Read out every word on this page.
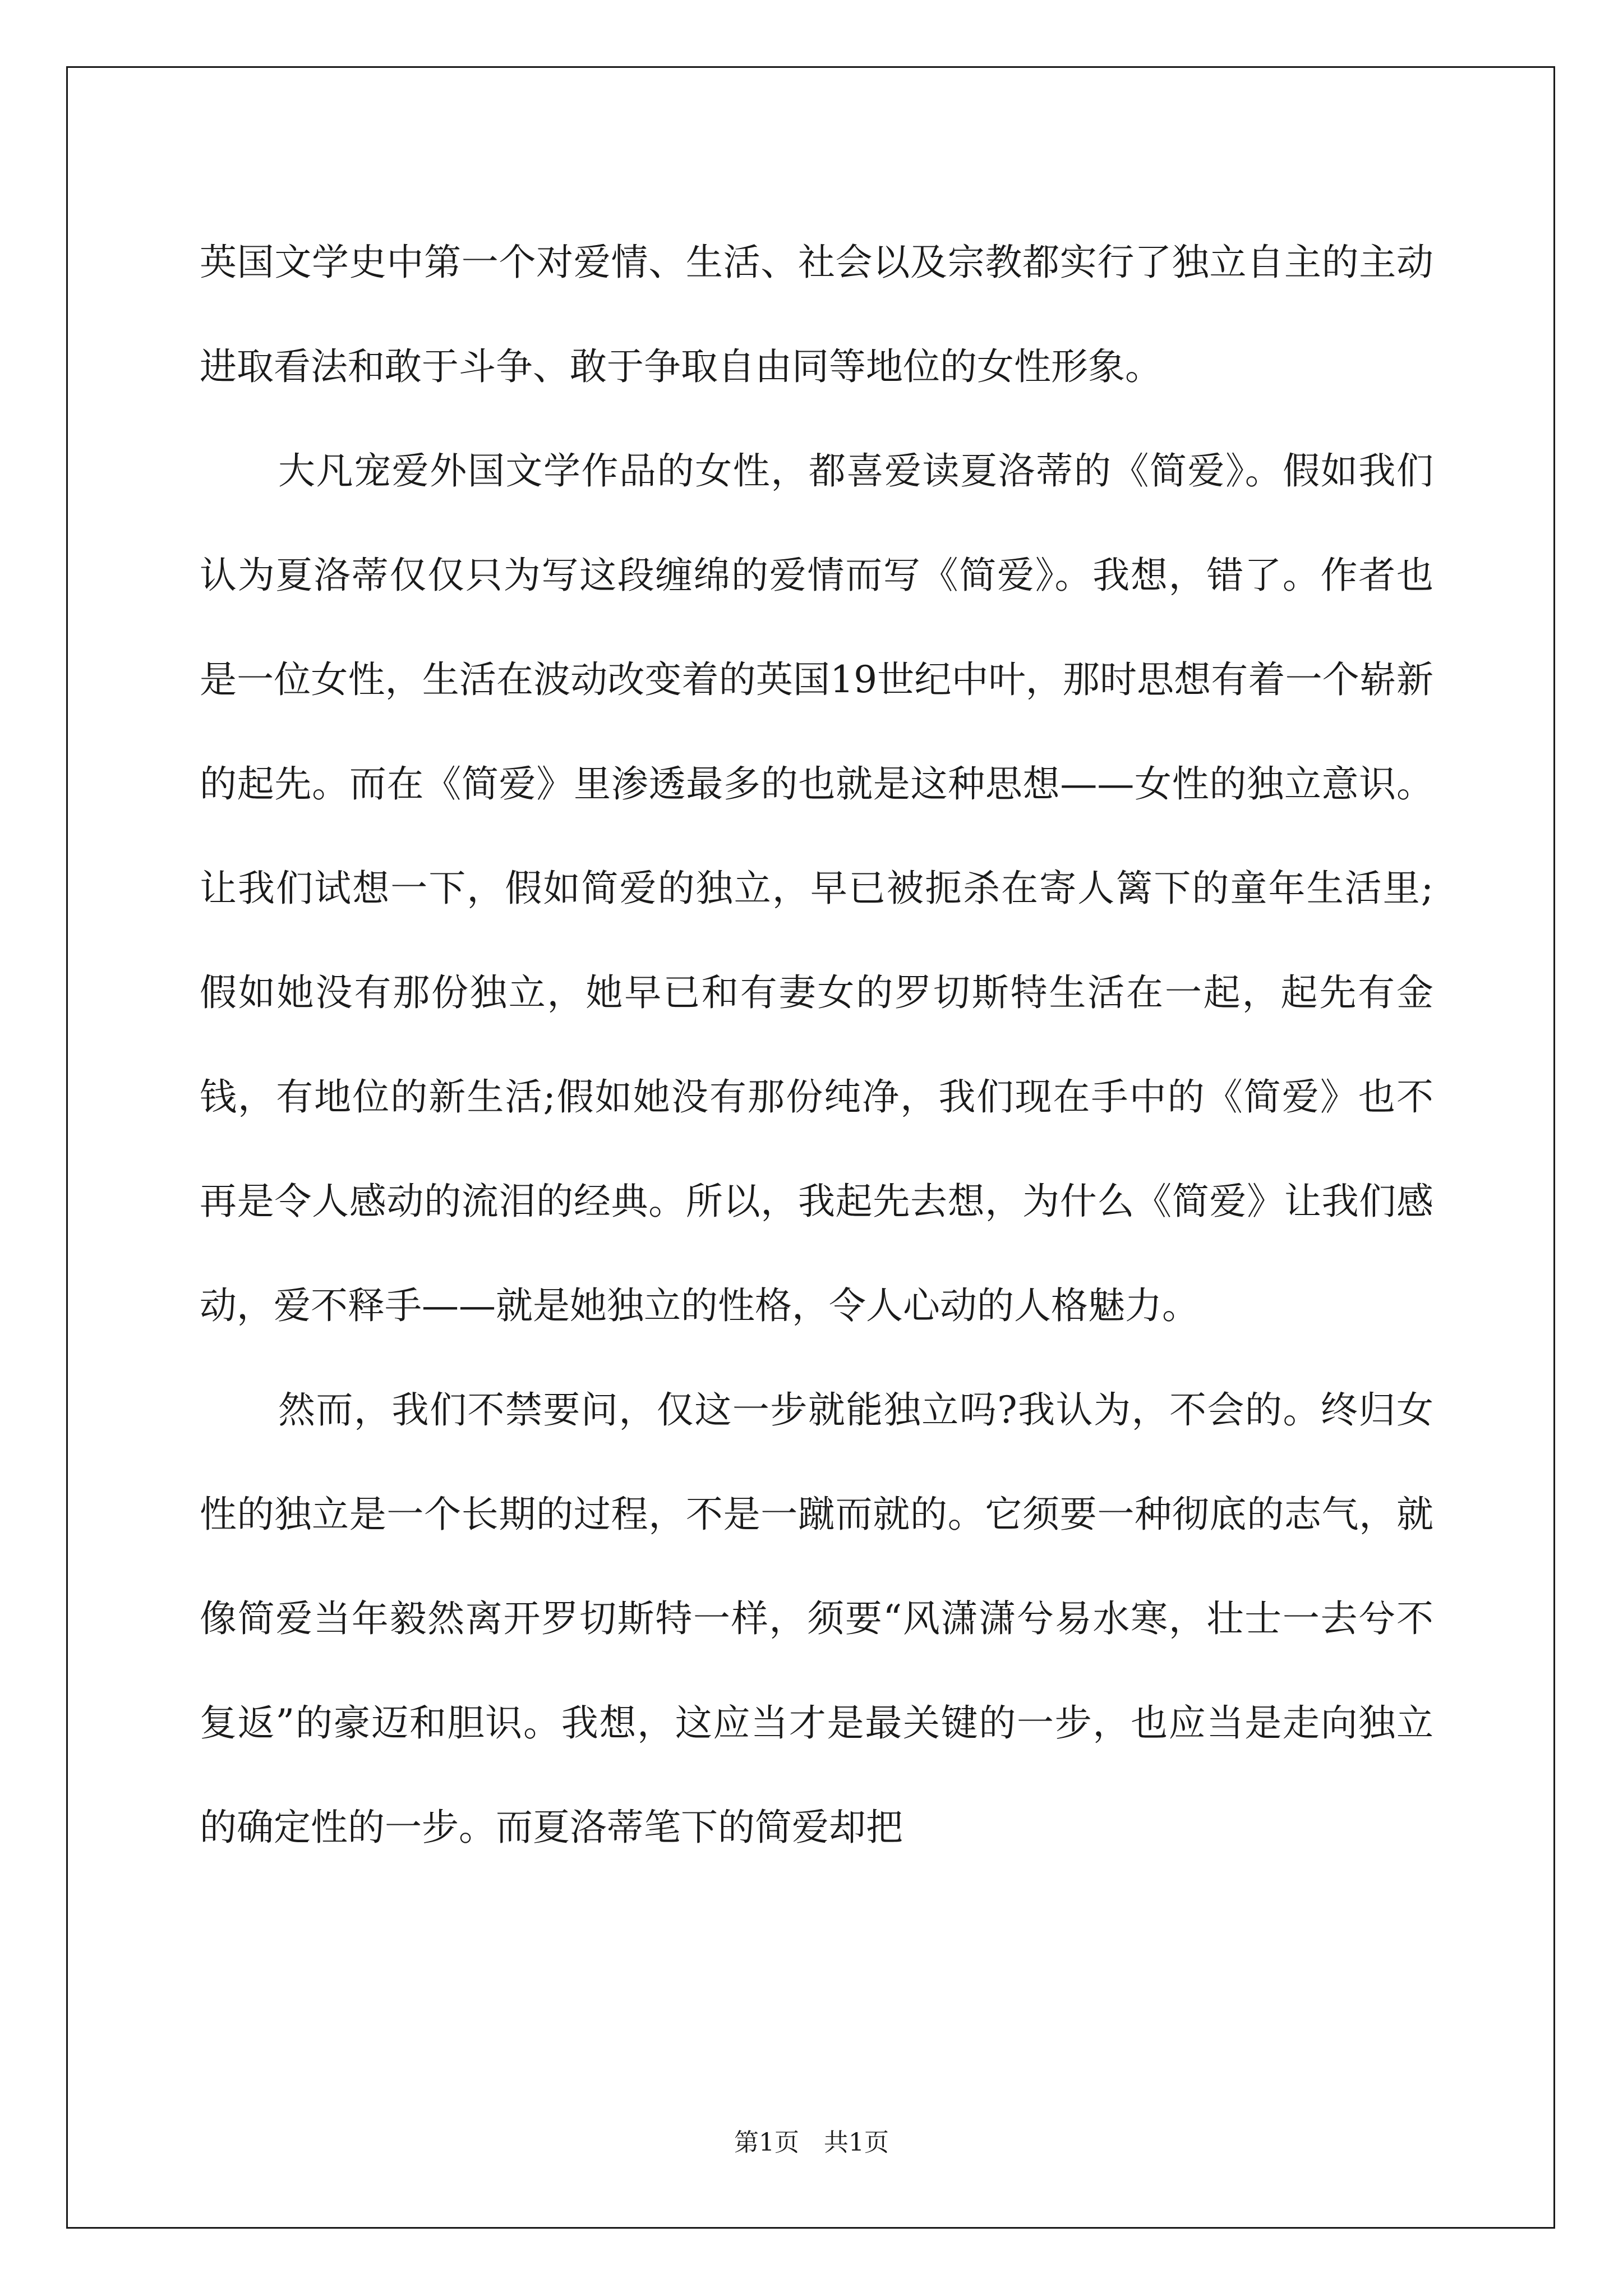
英国文学史中第一个对爱情、生活、社会以及宗教都实行了独立自主的主动进取看法和敢于斗争、敢于争取自由同等地位的女性形象。

大凡宠爱外国文学作品的女性，都喜爱读夏洛蒂的《简爱》。假如我们认为夏洛蒂仅仅只为写这段缠绵的爱情而写《简爱》。我想，错了。作者也是一位女性，生活在波动改变着的英国19世纪中叶，那时思想有着一个崭新的起先。而在《简爱》里渗透最多的也就是这种思想——女性的独立意识。让我们试想一下，假如简爱的独立，早已被扼杀在寄人篱下的童年生活里;假如她没有那份独立，她早已和有妻女的罗切斯特生活在一起，起先有金钱，有地位的新生活;假如她没有那份纯净，我们现在手中的《简爱》也不再是令人感动的流泪的经典。所以，我起先去想，为什么《简爱》让我们感动，爱不释手——就是她独立的性格，令人心动的人格魅力。

然而，我们不禁要问，仅这一步就能独立吗?我认为，不会的。终归女性的独立是一个长期的过程，不是一蹴而就的。它须要一种彻底的志气，就像简爱当年毅然离开罗切斯特一样，须要“风潇潇兮易水寒，壮士一去兮不复返”的豪迈和胆识。我想，这应当才是最关键的一步，也应当是走向独立的确定性的一步。而夏洛蒂笔下的简爱却把

第1页　共1页
